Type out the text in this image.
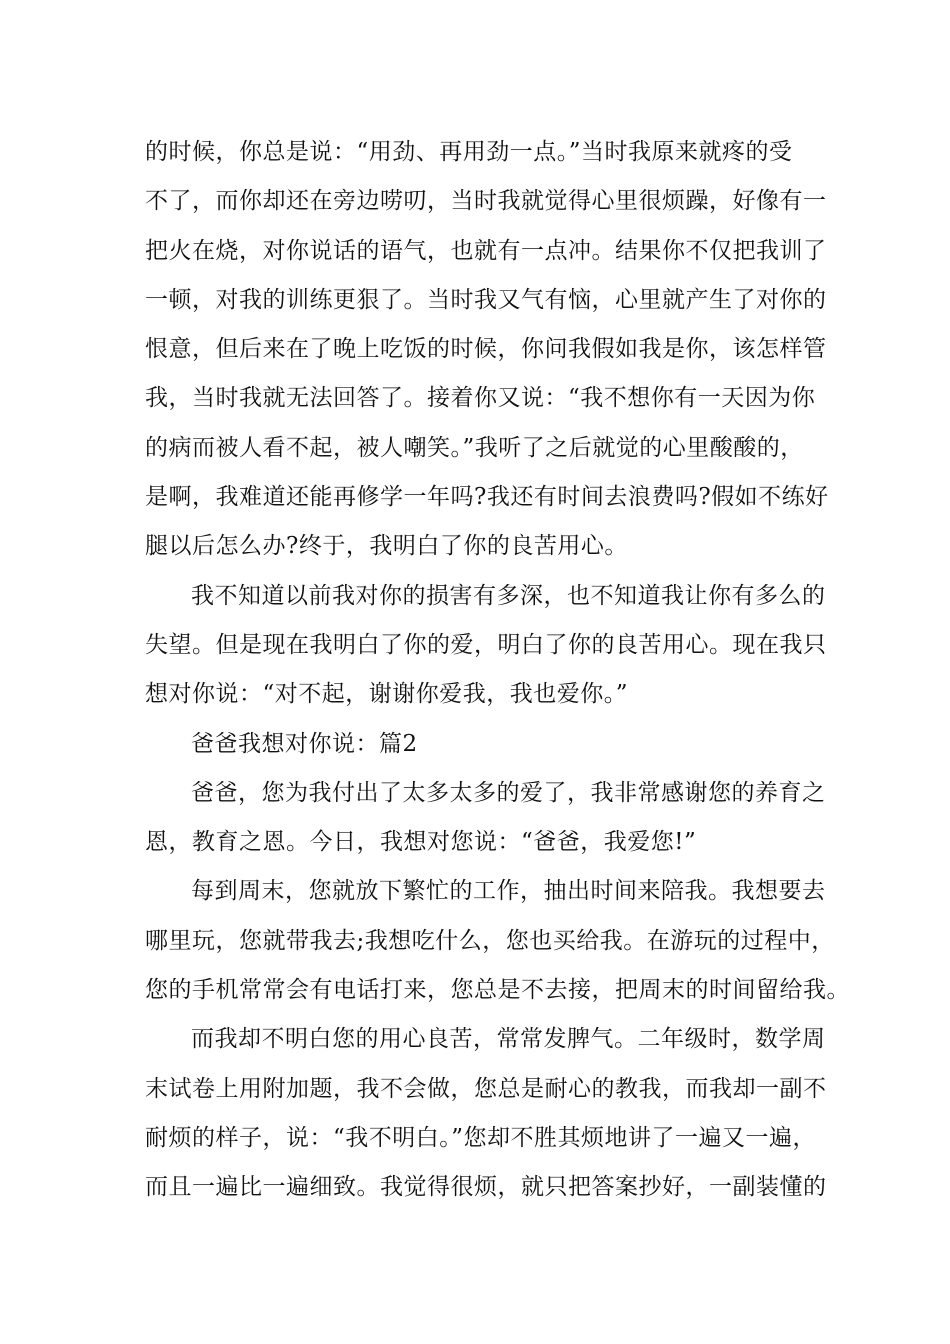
的时候，你总是说：“用劲、再用劲一点。”当时我原来就疼的受
不了，而你却还在旁边唠叨，当时我就觉得心里很烦躁，好像有一
把火在烧，对你说话的语气，也就有一点冲。结果你不仅把我训了
一顿，对我的训练更狠了。当时我又气有恼，心里就产生了对你的
恨意，但后来在了晚上吃饭的时候，你问我假如我是你，该怎样管
我，当时我就无法回答了。接着你又说：“我不想你有一天因为你
的病而被人看不起，被人嘲笑。”我听了之后就觉的心里酸酸的，
是啊，我难道还能再修学一年吗?我还有时间去浪费吗?假如不练好
腿以后怎么办?终于，我明白了你的良苦用心。
我不知道以前我对你的损害有多深，也不知道我让你有多么的
失望。但是现在我明白了你的爱，明白了你的良苦用心。现在我只
想对你说：“对不起，谢谢你爱我，我也爱你。”
爸爸我想对你说：篇2
爸爸，您为我付出了太多太多的爱了，我非常感谢您的养育之
恩，教育之恩。今日，我想对您说：“爸爸，我爱您!”
每到周末，您就放下繁忙的工作，抽出时间来陪我。我想要去
哪里玩，您就带我去;我想吃什么，您也买给我。在游玩的过程中，
您的手机常常会有电话打来，您总是不去接，把周末的时间留给我。
而我却不明白您的用心良苦，常常发脾气。二年级时，数学周
末试卷上用附加题，我不会做，您总是耐心的教我，而我却一副不
耐烦的样子，说：“我不明白。”您却不胜其烦地讲了一遍又一遍，
而且一遍比一遍细致。我觉得很烦，就只把答案抄好，一副装懂的
